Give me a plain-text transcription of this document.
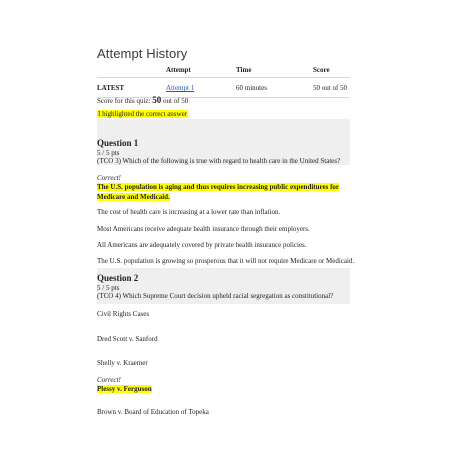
Attempt History
	Attempt	Time	Score
LATEST	Attempt 1	60 minutes	50 out of 50
Score for this quiz: 50 out of 50
I highlighted the correct answer
Question 1
5 / 5 pts
(TCO 3) Which of the following is true with regard to health care in the United States?
Correct!
The U.S. population is aging and thus requires increasing public expenditures for Medicare and Medicaid.
The cost of health care is increasing at a lower rate than inflation.
Most Americans receive adequate health insurance through their employers.
All Americans are adequately covered by private health insurance policies.
The U.S. population is growing so prosperous that it will not require Medicare or Medicaid.
Question 2
5 / 5 pts
(TCO 4) Which Supreme Court decision upheld racial segregation as constitutional?
Civil Rights Cases
Dred Scott v. Sanford
Shelly v. Kraemer
Correct!
Plessy v. Ferguson
Brown v. Board of Education of Topeka
